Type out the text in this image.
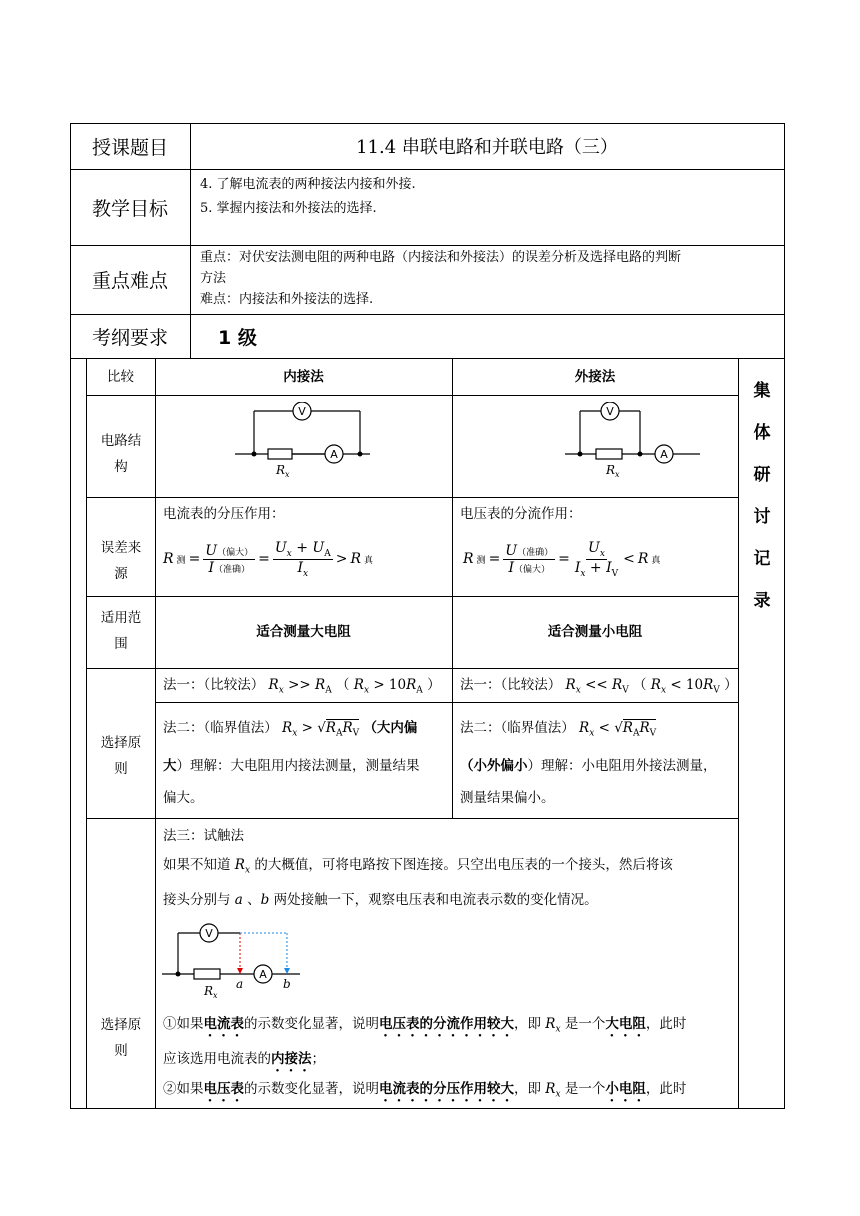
授课题目	11.4 串联电路和并联电路（三）
教学目标
4. 了解电流表的两种接法内接和外接.
5. 掌握内接法和外接法的选择.
重点难点
重点：对伏安法测电阻的两种电路（内接法和外接法）的误差分析及选择电路的判断
方法
难点：内接法和外接法的选择.
考纲要求	1 级
集
体
研
讨
记
录
比较	内接法	外接法
电路结构
V
A
$R_x$
V
A
$R_x$
误差来源
电流表的分压作用：	电压表的分流作用：
R 测 = $\frac{\text{U（偏大）}}{\text{I（准确）}} = \frac{U_x + U_A}{I_x} > R$ 真	R 测 = $\frac{\text{U（准确）}}{\text{I（偏大）}} = \frac{U_x}{I_x + I_V} < R$ 真
适用范围
适合测量大电阻	适合测量小电阻
选择原则
法一：（比较法） $R_x >> R_A$ （ $R_x > 10R_A$ ） 法一：（比较法） $R_x << R_V$ （ $R_x < 10R_V$ ）
法二：（临界值法） $R_x > √R_AR_V$ （大内偏
大）理解：大电阻用内接法测量，测量结果
偏大。
法二：（临界值法） $R_x < √R_AR_V$
（小外偏小）理解：小电阻用外接法测量，
测量结果偏小。
选择原则
法三：试触法
如果不知道 $R_x$ 的大概值，可将电路按下图连接。只空出电压表的一个接头，然后将该
接头分别与 a 、b 两处接触一下，观察电压表和电流表示数的变化情况。
V
A
$R_x$
a	b
①如果电流表的示数变化显著，说明电压表的分流作用较大，即 $R_x$ 是一个大电阻，此时
应该选用电流表的内接法；
②如果电压表的示数变化显著，说明电流表的分压作用较大，即 $R_x$ 是一个小电阻，此时
